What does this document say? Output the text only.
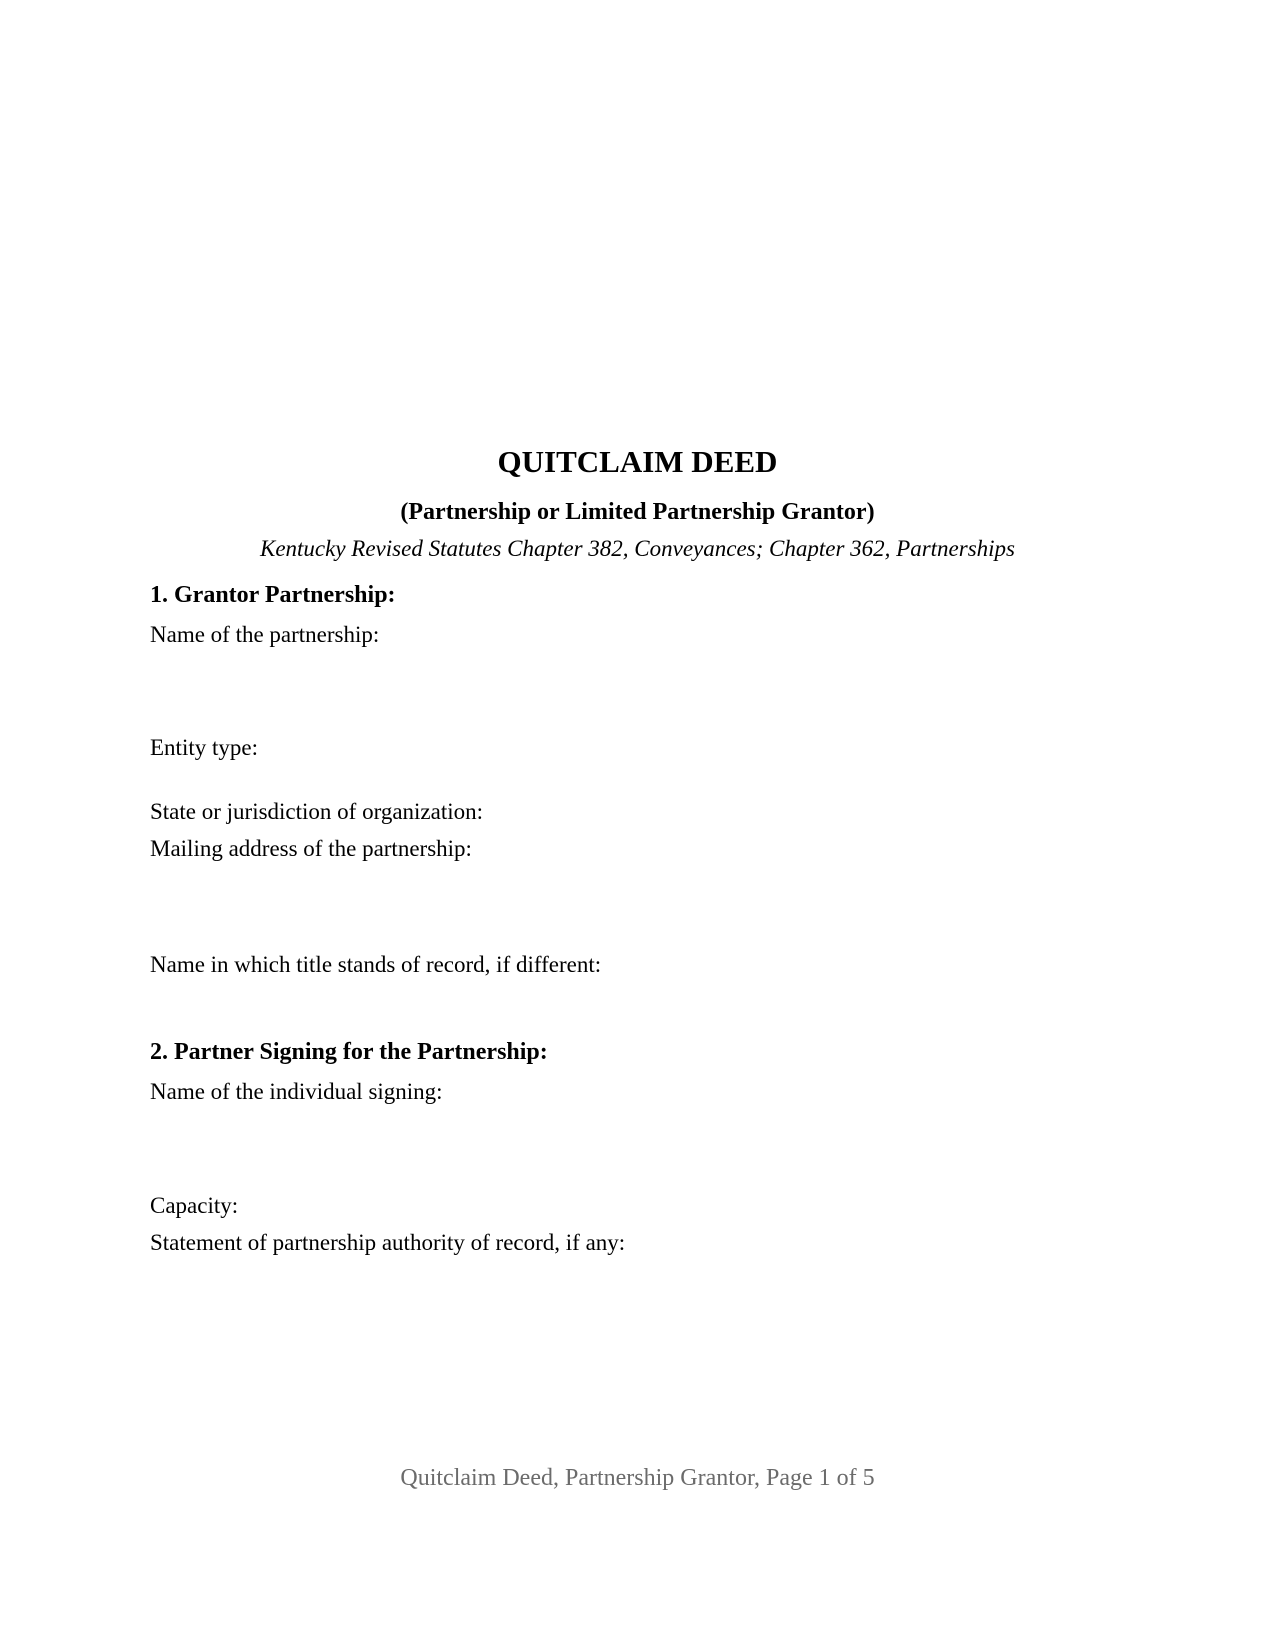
QUITCLAIM DEED
(Partnership or Limited Partnership Grantor)
Kentucky Revised Statutes Chapter 382, Conveyances; Chapter 362, Partnerships
1. Grantor Partnership:
Name of the partnership:
Entity type:
State or jurisdiction of organization:
Mailing address of the partnership:
Name in which title stands of record, if different:
2. Partner Signing for the Partnership:
Name of the individual signing:
Capacity:
Statement of partnership authority of record, if any:
Quitclaim Deed, Partnership Grantor, Page 1 of 5
